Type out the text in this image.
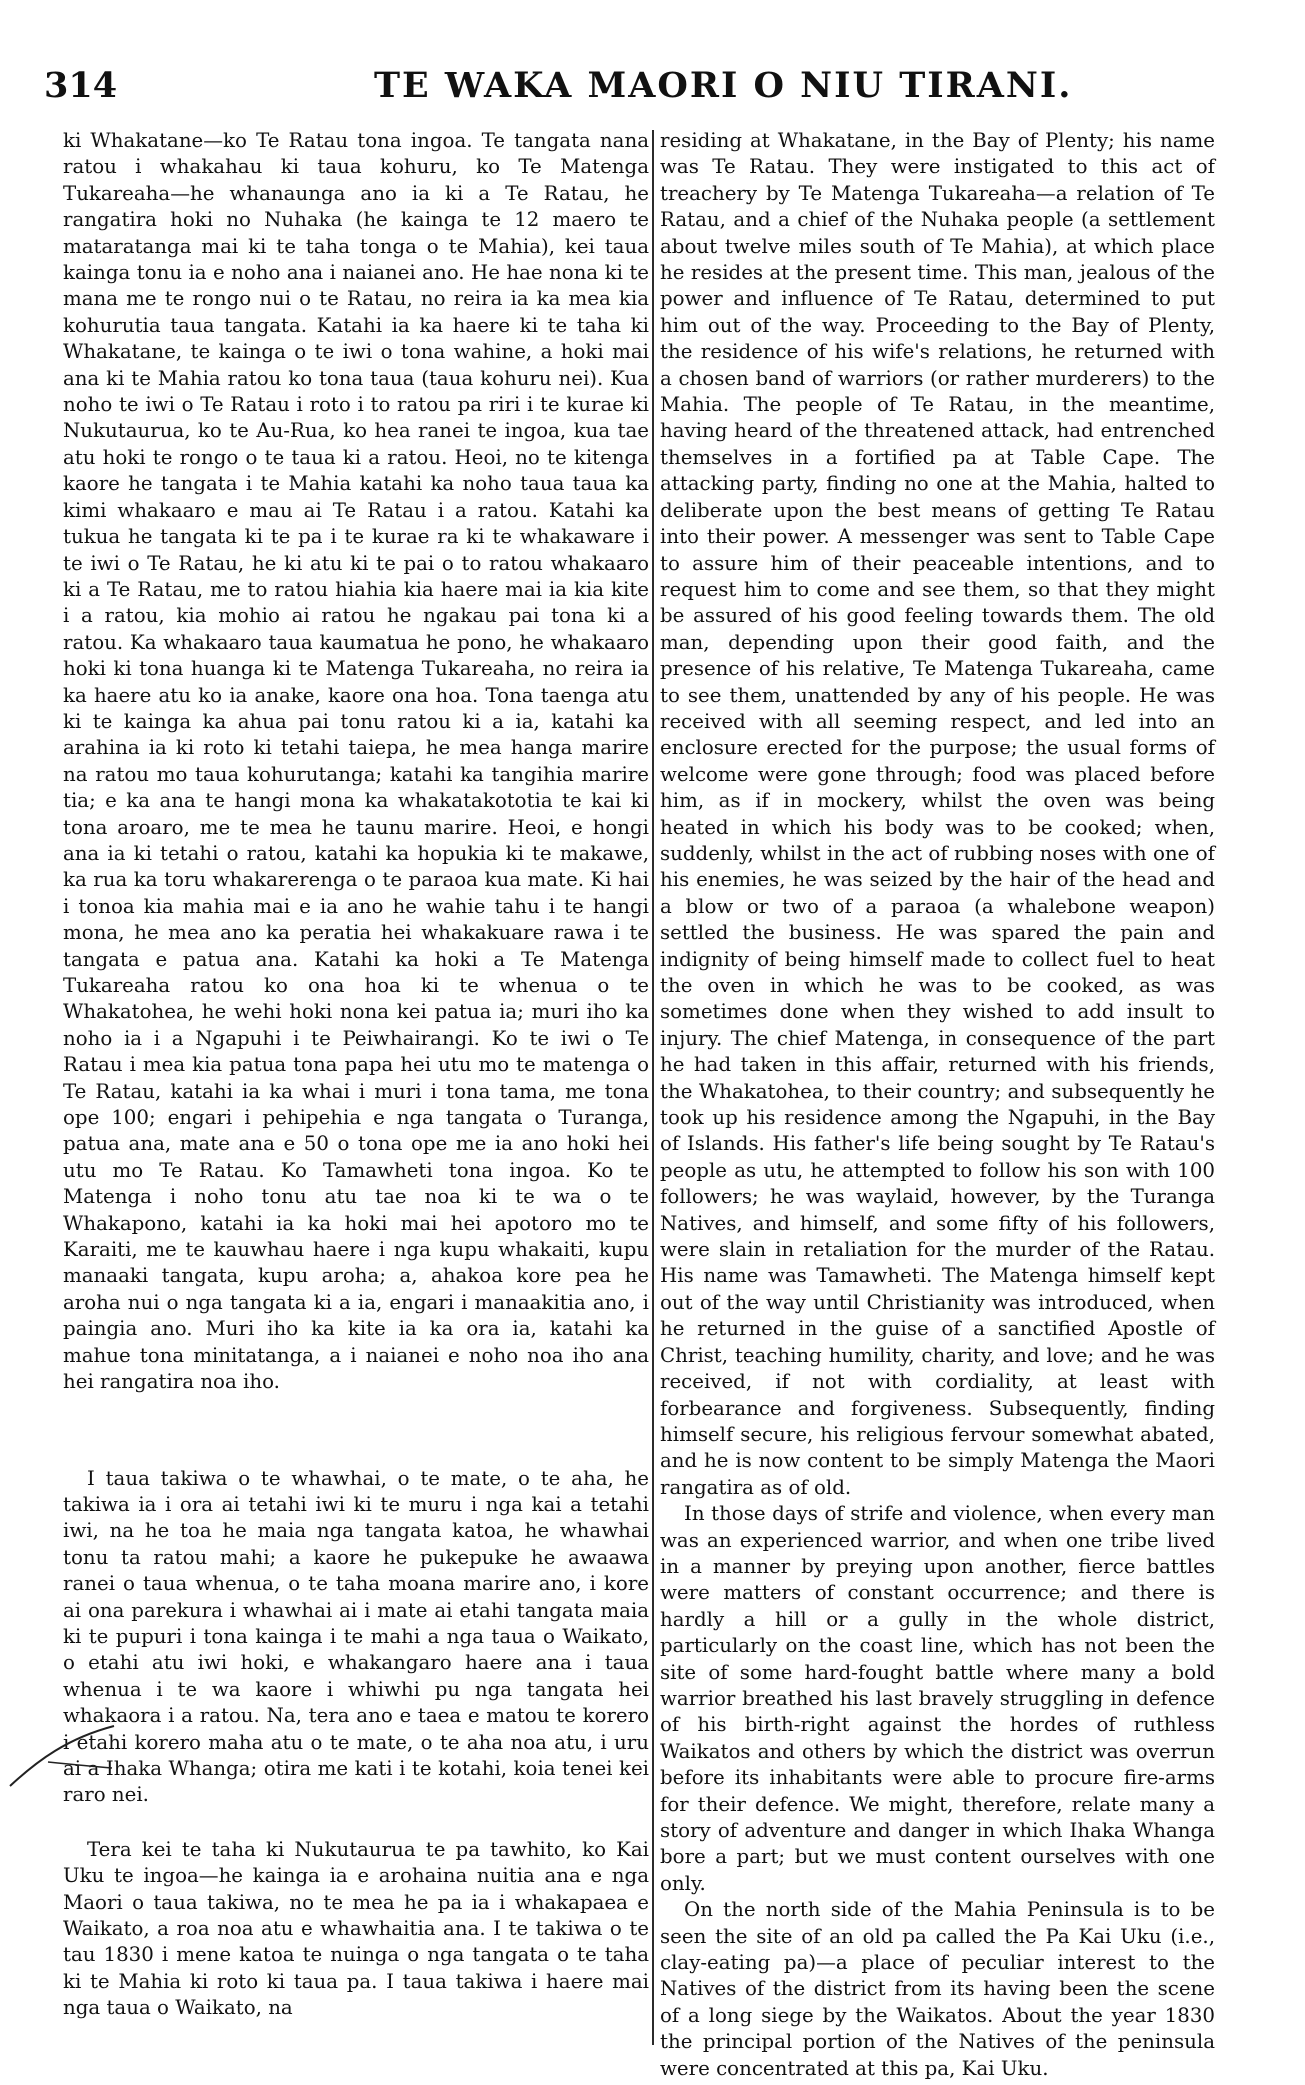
314	TE WAKA MAORI O NIU TIRANI.

ki Whakatane—ko Te Ratau tona ingoa. Te tangata nana ratou i whakahau ki taua kohuru, ko Te Matenga Tukareaha—he whanaunga ano ia ki a Te Ratau, he rangatira hoki no Nuhaka (he kainga te 12 maero te mataratanga mai ki te taha tonga o te Mahia), kei taua kainga tonu ia e noho ana i naianei ano. He hae nona ki te mana me te rongo nui o te Ratau, no reira ia ka mea kia kohurutia taua tangata. Katahi ia ka haere ki te taha ki Whakatane, te kainga o te iwi o tona wahine, a hoki mai ana ki te Mahia ratou ko tona taua (taua kohuru nei). Kua noho te iwi o Te Ratau i roto i to ratou pa riri i te kurae ki Nukutaurua, ko te Au-Rua, ko hea ranei te ingoa, kua tae atu hoki te rongo o te taua ki a ratou. Heoi, no te kitenga kaore he tangata i te Mahia katahi ka noho taua taua ka kimi whakaaro e mau ai Te Ratau i a ratou. Katahi ka tukua he tangata ki te pa i te kurae ra ki te whakaware i te iwi o Te Ratau, he ki atu ki te pai o to ratou whakaaro ki a Te Ratau, me to ratou hiahia kia haere mai ia kia kite i a ratou, kia mohio ai ratou he ngakau pai tona ki a ratou. Ka whakaaro taua kaumatua he pono, he whakaaro hoki ki tona huanga ki te Matenga Tukareaha, no reira ia ka haere atu ko ia anake, kaore ona hoa. Tona taenga atu ki te kainga ka ahua pai tonu ratou ki a ia, katahi ka arahina ia ki roto ki tetahi taiepa, he mea hanga marire na ratou mo taua kohurutanga; katahi ka tangihia marire tia; e ka ana te hangi mona ka whakatakototia te kai ki tona aroaro, me te mea he taunu marire. Heoi, e hongi ana ia ki tetahi o ratou, katahi ka hopukia ki te makawe, ka rua ka toru whakarerenga o te paraoa kua mate. Ki hai i tonoa kia mahia mai e ia ano he wahie tahu i te hangi mona, he mea ano ka peratia hei whakakuare rawa i te tangata e patua ana. Katahi ka hoki a Te Matenga Tukareaha ratou ko ona hoa ki te whenua o te Whakatohea, he wehi hoki nona kei patua ia; muri iho ka noho ia i a Ngapuhi i te Peiwhairangi. Ko te iwi o Te Ratau i mea kia patua tona papa hei utu mo te matenga o Te Ratau, katahi ia ka whai i muri i tona tama, me tona ope 100; engari i pehipehia e nga tangata o Turanga, patua ana, mate ana e 50 o tona ope me ia ano hoki hei utu mo Te Ratau. Ko Tamawheti tona ingoa. Ko te Matenga i noho tonu atu tae noa ki te wa o te Whakapono, katahi ia ka hoki mai hei apotoro mo te Karaiti, me te kauwhau haere i nga kupu whakaiti, kupu manaaki tangata, kupu aroha; a, ahakoa kore pea he aroha nui o nga tangata ki a ia, engari i manaakitia ano, i paingia ano. Muri iho ka kite ia ka ora ia, katahi ka mahue tona minitatanga, a i naianei e noho noa iho ana hei rangatira noa iho.

I taua takiwa o te whawhai, o te mate, o te aha, he takiwa ia i ora ai tetahi iwi ki te muru i nga kai a tetahi iwi, na he toa he maia nga tangata katoa, he whawhai tonu ta ratou mahi; a kaore he pukepuke he awaawa ranei o taua whenua, o te taha moana marire ano, i kore ai ona parekura i whawhai ai i mate ai etahi tangata maia ki te pupuri i tona kainga i te mahi a nga taua o Waikato, o etahi atu iwi hoki, e whakangaro haere ana i taua whenua i te wa kaore i whiwhi pu nga tangata hei whakaora i a ratou. Na, tera ano e taea e matou te korero i etahi korero maha atu o te mate, o te aha noa atu, i uru ai a Ihaka Whanga; otira me kati i te kotahi, koia tenei kei raro nei.

Tera kei te taha ki Nukutaurua te pa tawhito, ko Kai Uku te ingoa—he kainga ia e arohaina nuitia ana e nga Maori o taua takiwa, no te mea he pa ia i whakapaea e Waikato, a roa noa atu e whawhaitia ana. I te takiwa o te tau 1830 i mene katoa te nuinga o nga tangata o te taha ki te Mahia ki roto ki taua pa. I taua takiwa i haere mai nga taua o Waikato, na

residing at Whakatane, in the Bay of Plenty; his name was Te Ratau. They were instigated to this act of treachery by Te Matenga Tukareaha—a relation of Te Ratau, and a chief of the Nuhaka people (a settlement about twelve miles south of Te Mahia), at which place he resides at the present time. This man, jealous of the power and influence of Te Ratau, determined to put him out of the way. Proceeding to the Bay of Plenty, the residence of his wife's relations, he returned with a chosen band of warriors (or rather murderers) to the Mahia. The people of Te Ratau, in the meantime, having heard of the threatened attack, had entrenched themselves in a fortified pa at Table Cape. The attacking party, finding no one at the Mahia, halted to deliberate upon the best means of getting Te Ratau into their power. A messenger was sent to Table Cape to assure him of their peaceable intentions, and to request him to come and see them, so that they might be assured of his good feeling towards them. The old man, depending upon their good faith, and the presence of his relative, Te Matenga Tukareaha, came to see them, unattended by any of his people. He was received with all seeming respect, and led into an enclosure erected for the purpose; the usual forms of welcome were gone through; food was placed before him, as if in mockery, whilst the oven was being heated in which his body was to be cooked; when, suddenly, whilst in the act of rubbing noses with one of his enemies, he was seized by the hair of the head and a blow or two of a paraoa (a whalebone weapon) settled the business. He was spared the pain and indignity of being himself made to collect fuel to heat the oven in which he was to be cooked, as was sometimes done when they wished to add insult to injury. The chief Matenga, in consequence of the part he had taken in this affair, returned with his friends, the Whakatohea, to their country; and subsequently he took up his residence among the Ngapuhi, in the Bay of Islands. His father's life being sought by Te Ratau's people as utu, he attempted to follow his son with 100 followers; he was waylaid, however, by the Turanga Natives, and himself, and some fifty of his followers, were slain in retaliation for the murder of the Ratau. His name was Tamawheti. The Matenga himself kept out of the way until Christianity was introduced, when he returned in the guise of a sanctified Apostle of Christ, teaching humility, charity, and love; and he was received, if not with cordiality, at least with forbearance and forgiveness. Subsequently, finding himself secure, his religious fervour somewhat abated, and he is now content to be simply Matenga the Maori rangatira as of old.

In those days of strife and violence, when every man was an experienced warrior, and when one tribe lived in a manner by preying upon another, fierce battles were matters of constant occurrence; and there is hardly a hill or a gully in the whole district, particularly on the coast line, which has not been the site of some hard-fought battle where many a bold warrior breathed his last bravely struggling in defence of his birth-right against the hordes of ruthless Waikatos and others by which the district was overrun before its inhabitants were able to procure fire-arms for their defence. We might, therefore, relate many a story of adventure and danger in which Ihaka Whanga bore a part; but we must content ourselves with one only.

On the north side of the Mahia Peninsula is to be seen the site of an old pa called the Pa Kai Uku (i.e., clay-eating pa)—a place of peculiar interest to the Natives of the district from its having been the scene of a long siege by the Waikatos. About the year 1830 the principal portion of the Natives of the peninsula were concentrated at this pa, Kai Uku.
